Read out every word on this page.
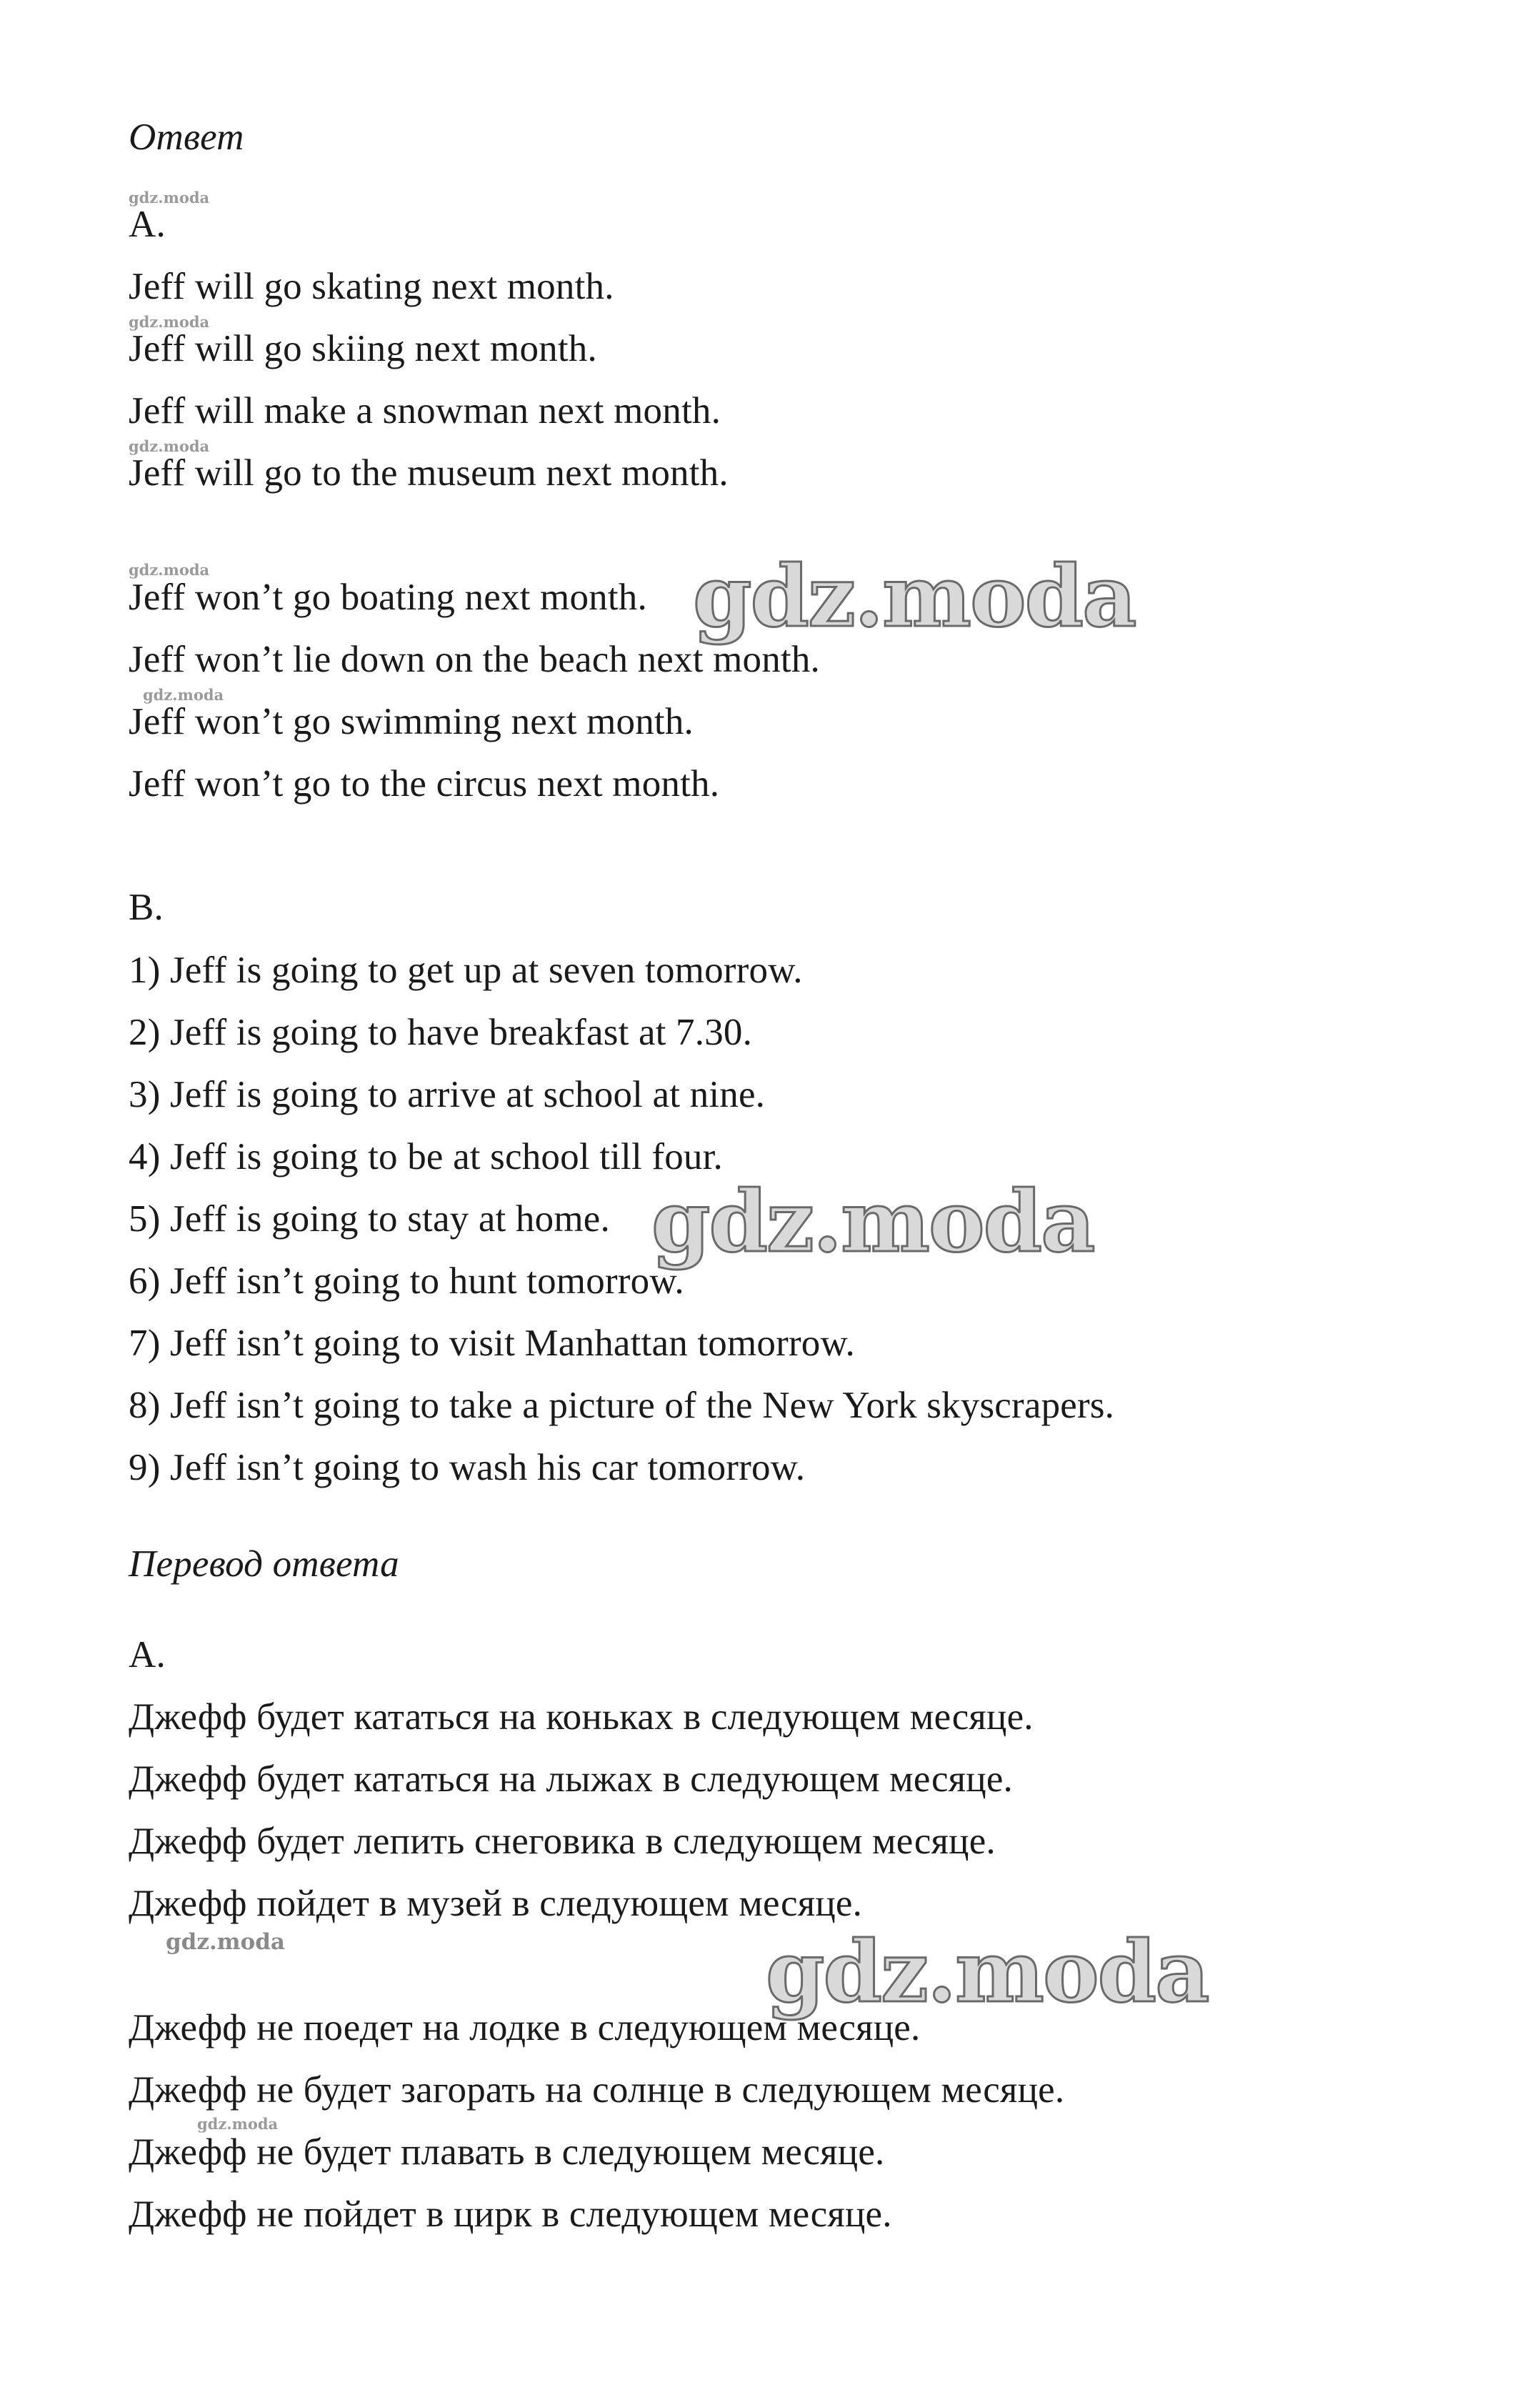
Ответ
gdz.moda
A.
Jeff will go skating next month.
gdz.moda
Jeff will go skiing next month.
Jeff will make a snowman next month.
gdz.moda
Jeff will go to the museum next month.
gdz.moda
Jeff won’t go boating next month. gdz.moda
Jeff won’t lie down on the beach next month.
gdz.moda
Jeff won’t go swimming next month.
Jeff won’t go to the circus next month.
B.
1) Jeff is going to get up at seven tomorrow.
2) Jeff is going to have breakfast at 7.30.
3) Jeff is going to arrive at school at nine.
4) Jeff is going to be at school till four.
5) Jeff is going to stay at home. gdz.moda
6) Jeff isn’t going to hunt tomorrow.
7) Jeff isn’t going to visit Manhattan tomorrow.
8) Jeff isn’t going to take a picture of the New York skyscrapers.
9) Jeff isn’t going to wash his car tomorrow.
Перевод ответа
A.
Джефф будет кататься на коньках в следующем месяце.
Джефф будет кататься на лыжах в следующем месяце.
Джефф будет лепить снеговика в следующем месяце.
Джефф пойдет в музей в следующем месяце.
gdz.moda	gdz.moda
Джефф не поедет на лодке в следующем месяце.
Джефф не будет загорать на солнце в следующем месяце.
gdz.moda
Джефф не будет плавать в следующем месяце.
Джефф не пойдет в цирк в следующем месяце.
